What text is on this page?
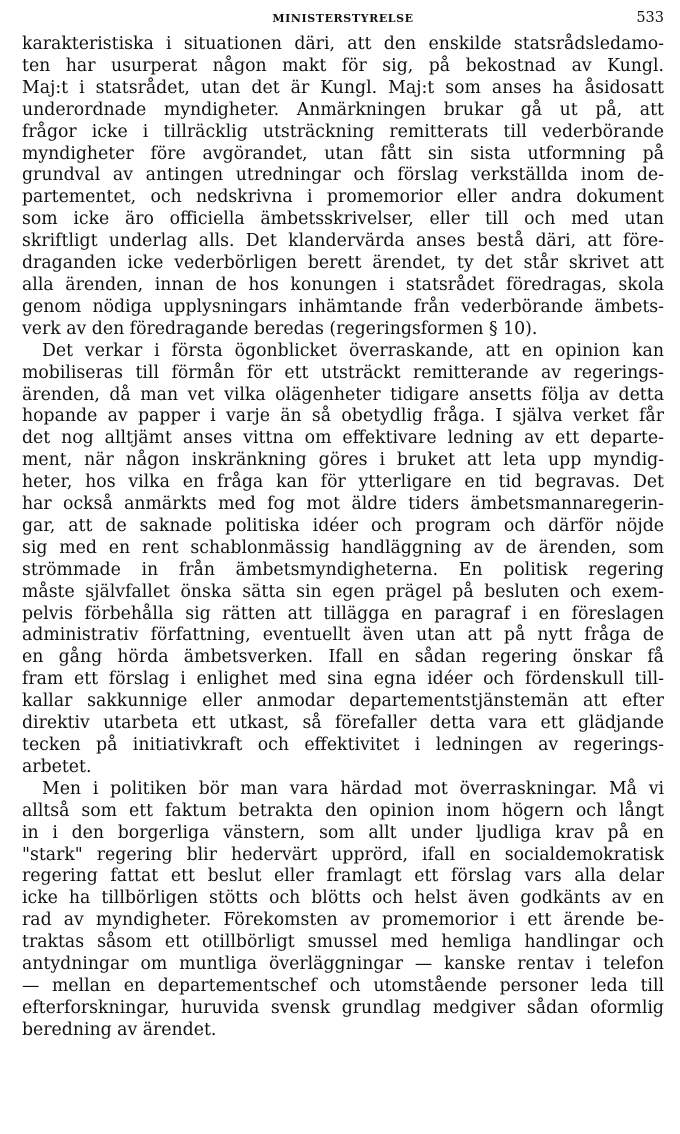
MINISTERSTYRELSE	533
karakteristiska i situationen däri, att den enskilde statsrådsledamo-
ten har usurperat någon makt för sig, på bekostnad av Kungl.
Maj:t i statsrådet, utan det är Kungl. Maj:t som anses ha åsidosatt
underordnade myndigheter. Anmärkningen brukar gå ut på, att
frågor icke i tillräcklig utsträckning remitterats till vederbörande
myndigheter före avgörandet, utan fått sin sista utformning på
grundval av antingen utredningar och förslag verkställda inom de-
partementet, och nedskrivna i promemorior eller andra dokument
som icke äro officiella ämbetsskrivelser, eller till och med utan
skriftligt underlag alls. Det klandervärda anses bestå däri, att före-
draganden icke vederbörligen berett ärendet, ty det står skrivet att
alla ärenden, innan de hos konungen i statsrådet föredragas, skola
genom nödiga upplysningars inhämtande från vederbörande ämbets-
verk av den föredragande beredas (regeringsformen § 10).
Det verkar i första ögonblicket överraskande, att en opinion kan
mobiliseras till förmån för ett utsträckt remitterande av regerings-
ärenden, då man vet vilka olägenheter tidigare ansetts följa av detta
hopande av papper i varje än så obetydlig fråga. I själva verket får
det nog alltjämt anses vittna om effektivare ledning av ett departe-
ment, när någon inskränkning göres i bruket att leta upp myndig-
heter, hos vilka en fråga kan för ytterligare en tid begravas. Det
har också anmärkts med fog mot äldre tiders ämbetsmannaregerin-
gar, att de saknade politiska idéer och program och därför nöjde
sig med en rent schablonmässig handläggning av de ärenden, som
strömmade in från ämbetsmyndigheterna. En politisk regering
måste självfallet önska sätta sin egen prägel på besluten och exem-
pelvis förbehålla sig rätten att tillägga en paragraf i en föreslagen
administrativ författning, eventuellt även utan att på nytt fråga de
en gång hörda ämbetsverken. Ifall en sådan regering önskar få
fram ett förslag i enlighet med sina egna idéer och fördenskull till-
kallar sakkunnige eller anmodar departementstjänstemän att efter
direktiv utarbeta ett utkast, så förefaller detta vara ett glädjande
tecken på initiativkraft och effektivitet i ledningen av regerings-
arbetet.
Men i politiken bör man vara härdad mot överraskningar. Må vi
alltså som ett faktum betrakta den opinion inom högern och långt
in i den borgerliga vänstern, som allt under ljudliga krav på en
"stark" regering blir hedervärt upprörd, ifall en socialdemokratisk
regering fattat ett beslut eller framlagt ett förslag vars alla delar
icke ha tillbörligen stötts och blötts och helst även godkänts av en
rad av myndigheter. Förekomsten av promemorior i ett ärende be-
traktas såsom ett otillbörligt smussel med hemliga handlingar och
antydningar om muntliga överläggningar — kanske rentav i telefon
— mellan en departementschef och utomstående personer leda till
efterforskningar, huruvida svensk grundlag medgiver sådan oformlig
beredning av ärendet.
